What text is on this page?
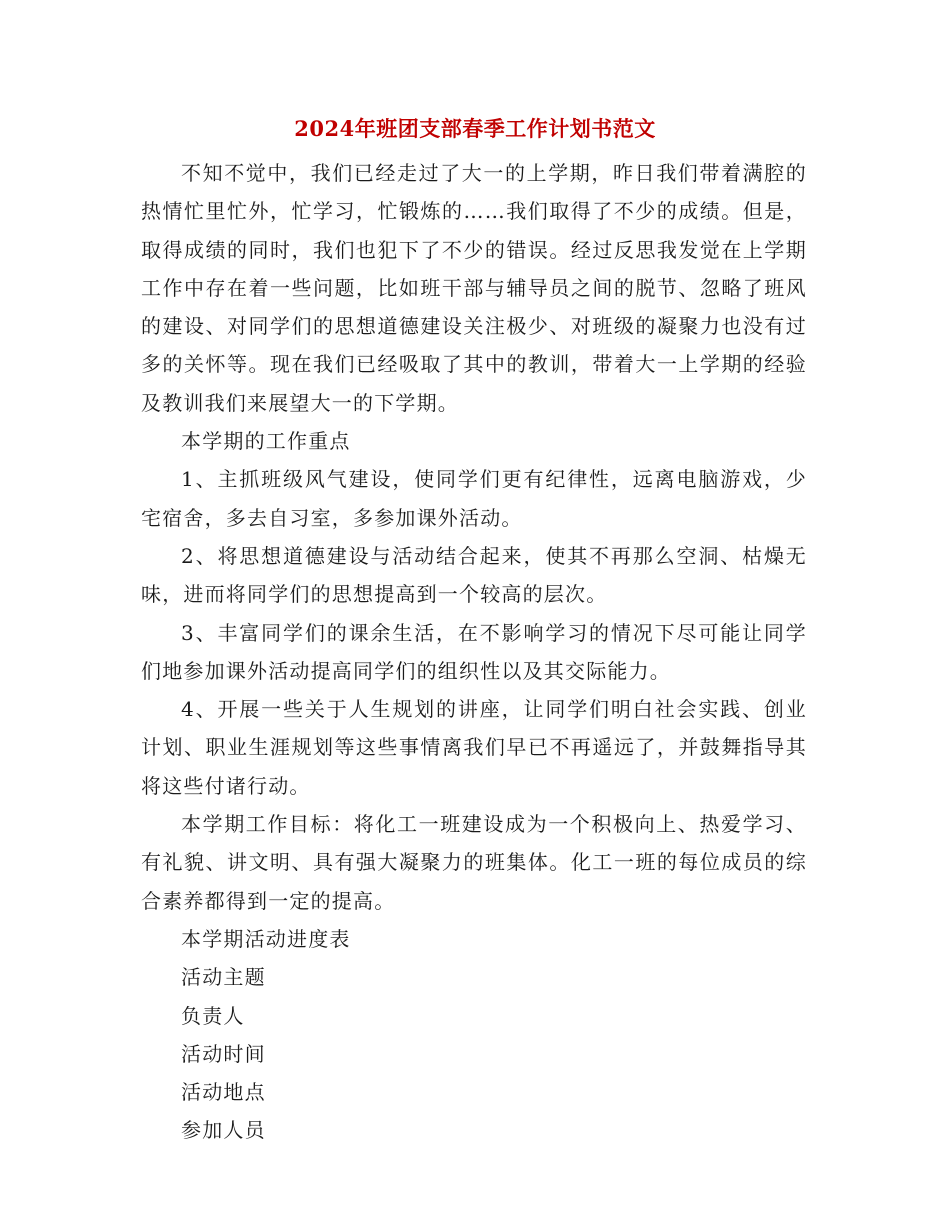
2024年班团支部春季工作计划书范文

不知不觉中，我们已经走过了大一的上学期，昨日我们带着满腔的热情忙里忙外，忙学习，忙锻炼的……我们取得了不少的成绩。但是，取得成绩的同时，我们也犯下了不少的错误。经过反思我发觉在上学期工作中存在着一些问题，比如班干部与辅导员之间的脱节、忽略了班风的建设、对同学们的思想道德建设关注极少、对班级的凝聚力也没有过多的关怀等。现在我们已经吸取了其中的教训，带着大一上学期的经验及教训我们来展望大一的下学期。

本学期的工作重点

1、主抓班级风气建设，使同学们更有纪律性，远离电脑游戏，少宅宿舍，多去自习室，多参加课外活动。

2、将思想道德建设与活动结合起来，使其不再那么空洞、枯燥无味，进而将同学们的思想提高到一个较高的层次。

3、丰富同学们的课余生活，在不影响学习的情况下尽可能让同学们地参加课外活动提高同学们的组织性以及其交际能力。

4、开展一些关于人生规划的讲座，让同学们明白社会实践、创业计划、职业生涯规划等这些事情离我们早已不再遥远了，并鼓舞指导其将这些付诸行动。

本学期工作目标：将化工一班建设成为一个积极向上、热爱学习、有礼貌、讲文明、具有强大凝聚力的班集体。化工一班的每位成员的综合素养都得到一定的提高。

本学期活动进度表

活动主题

负责人

活动时间

活动地点

参加人员
